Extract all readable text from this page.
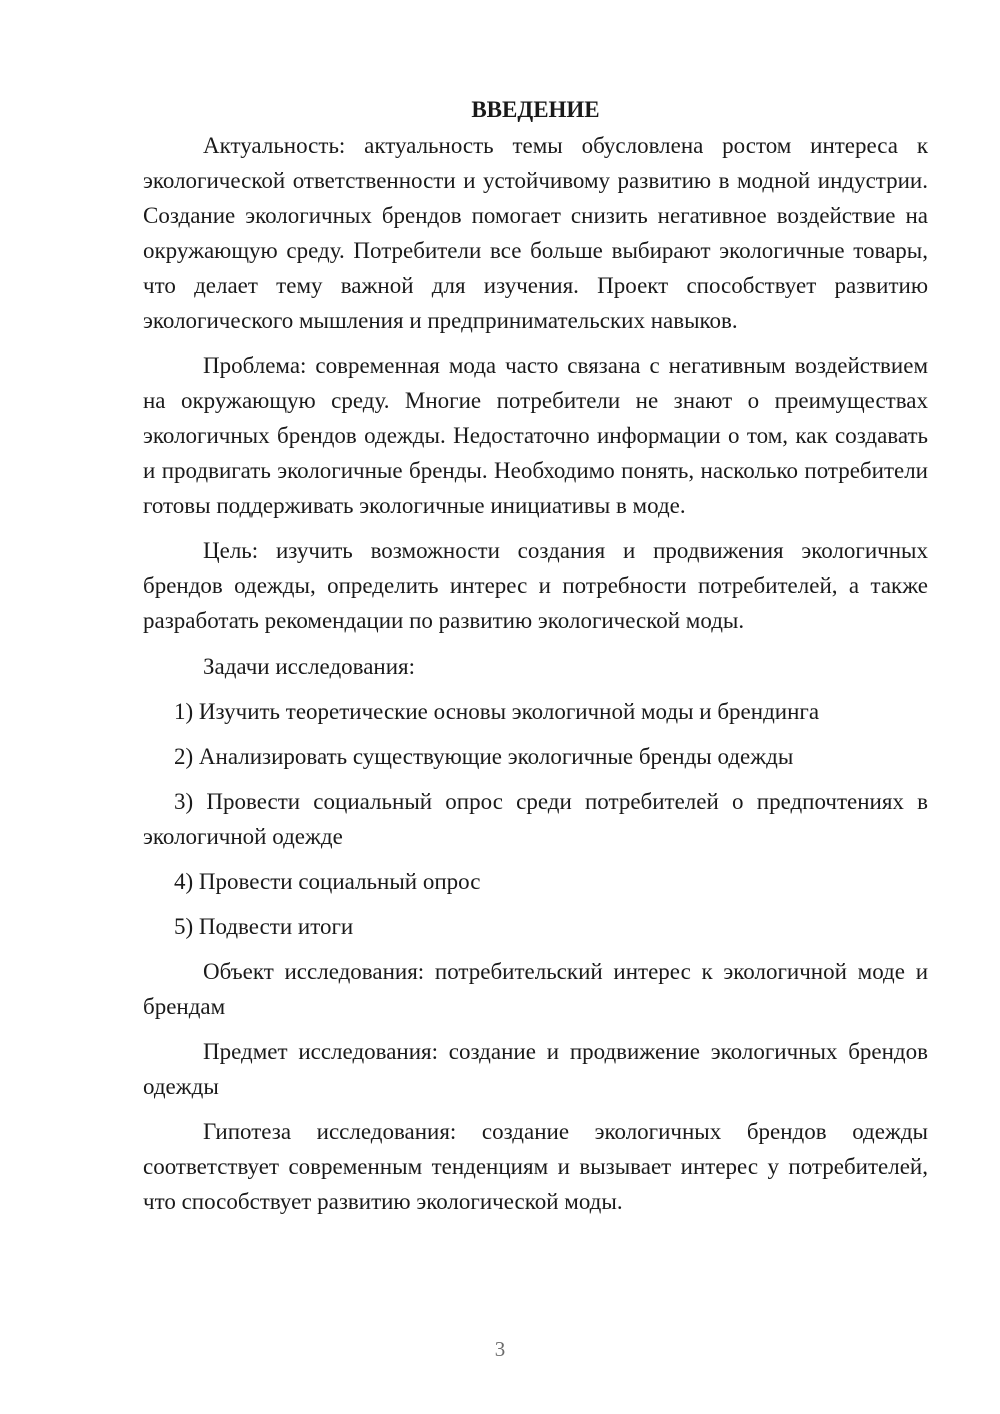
ВВЕДЕНИЕ

Актуальность: актуальность темы обусловлена ростом интереса к экологической ответственности и устойчивому развитию в модной индустрии. Создание экологичных брендов помогает снизить негативное воздействие на окружающую среду. Потребители все больше выбирают экологичные товары, что делает тему важной для изучения. Проект способствует развитию экологического мышления и предпринимательских навыков.

Проблема: современная мода часто связана с негативным воздействием на окружающую среду. Многие потребители не знают о преимуществах экологичных брендов одежды. Недостаточно информации о том, как создавать и продвигать экологичные бренды. Необходимо понять, насколько потребители готовы поддерживать экологичные инициативы в моде.

Цель: изучить возможности создания и продвижения экологичных брендов одежды, определить интерес и потребности потребителей, а также разработать рекомендации по развитию экологической моды.

Задачи исследования:

1) Изучить теоретические основы экологичной моды и брендинга

2) Анализировать существующие экологичные бренды одежды

3) Провести социальный опрос среди потребителей о предпочтениях в экологичной одежде

4) Провести социальный опрос

5) Подвести итоги

Объект исследования: потребительский интерес к экологичной моде и брендам

Предмет исследования: создание и продвижение экологичных брендов одежды

Гипотеза исследования: создание экологичных брендов одежды соответствует современным тенденциям и вызывает интерес у потребителей, что способствует развитию экологической моды.

3
